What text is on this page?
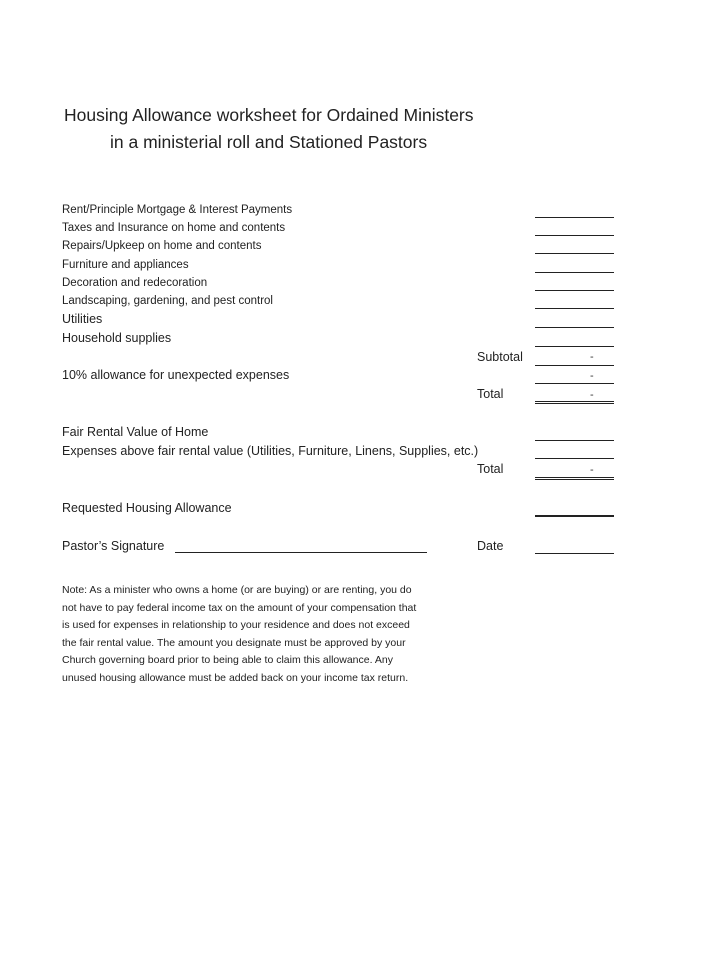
Housing Allowance worksheet for Ordained Ministers
in a ministerial roll and Stationed Pastors
Rent/Principle Mortgage & Interest Payments
Taxes and Insurance on home and contents
Repairs/Upkeep on home and contents
Furniture and appliances
Decoration and redecoration
Landscaping, gardening, and pest control
Utilities
Household supplies
Subtotal	-
10% allowance for unexpected expenses	-
Total	-
Fair Rental Value of Home
Expenses above fair rental value (Utilities, Furniture, Linens, Supplies, etc.)
Total	-
Requested Housing Allowance
Pastor’s Signature	Date
Note: As a minister who owns a home (or are buying) or are renting, you do
not have to pay federal income tax on the amount of your compensation that
is used for expenses in relationship to your residence and does not exceed
the fair rental value. The amount you designate must be approved by your
Church governing board prior to being able to claim this allowance. Any
unused housing allowance must be added back on your income tax return.
